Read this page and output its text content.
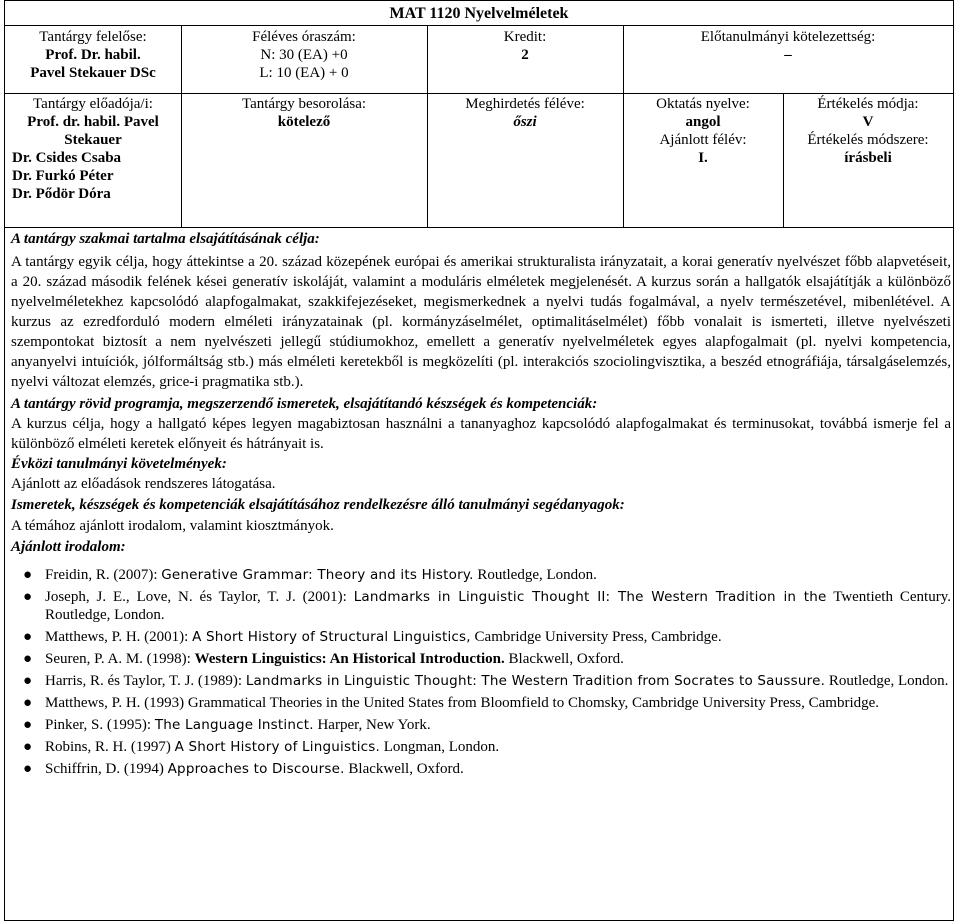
MAT 1120 Nyelvelméletek
Tantárgy felelőse:
Prof. Dr. habil. Pavel Stekauer DSc
Féléves óraszám:
N: 30 (EA) +0
L: 10 (EA) + 0
Kredit:
2
Előtanulmányi kötelezettség:
–
Tantárgy előadója/i:
Prof. dr. habil. Pavel Stekauer
Dr. Csides Csaba
Dr. Furkó Péter
Dr. Pődör Dóra
Tantárgy besorolása:
kötelező
Meghirdetés féléve:
őszi
Oktatás nyelve:
angol
Ajánlott félév:
I.
Értékelés módja:
V
Értékelés módszere:
írásbeli
A tantárgy szakmai tartalma elsajátításának célja:
A tantárgy egyik célja, hogy áttekintse a 20. század közepének európai és amerikai strukturalista irányzatait, a korai generatív nyelvészet főbb alapvetéseit, a 20. század második felének kései generatív iskoláját, valamint a moduláris elméletek megjelenését. A kurzus során a hallgatók elsajátítják a különböző nyelvelméletekhez kapcsolódó alapfogalmakat, szakkifejezéseket, megismerkednek a nyelvi tudás fogalmával, a nyelv természetével, mibenlétével. A kurzus az ezredforduló modern elméleti irányzatainak (pl. kormányzáselmélet, optimalitáselmélet) főbb vonalait is ismerteti, illetve nyelvészeti szempontokat biztosít a nem nyelvészeti jellegű stúdiumokhoz, emellett a generatív nyelvelméletek egyes alapfogalmait (pl. nyelvi kompetencia, anyanyelvi intuíciók, jólformáltság stb.) más elméleti keretekből is megközelíti (pl. interakciós szociolingvisztika, a beszéd etnográfiája, társalgáselemzés, nyelvi változat elemzés, grice-i pragmatika stb.).
A tantárgy rövid programja, megszerzendő ismeretek, elsajátítandó készségek és kompetenciák:
A kurzus célja, hogy a hallgató képes legyen magabiztosan használni a tananyaghoz kapcsolódó alapfogalmakat és terminusokat, továbbá ismerje fel a különböző elméleti keretek előnyeit és hátrányait is.
Évközi tanulmányi követelmények:
Ajánlott az előadások rendszeres látogatása.
Ismeretek, készségek és kompetenciák elsajátításához rendelkezésre álló tanulmányi segédanyagok:
A témához ajánlott irodalom, valamint kiosztmányok.
Ajánlott irodalom:
● Freidin, R. (2007): Generative Grammar: Theory and its History. Routledge, London.
● Joseph, J. E., Love, N. és Taylor, T. J. (2001): Landmarks in Linguistic Thought II: The Western Tradition in the Twentieth Century. Routledge, London.
● Matthews, P. H. (2001): A Short History of Structural Linguistics, Cambridge University Press, Cambridge.
● Seuren, P. A. M. (1998): Western Linguistics: An Historical Introduction. Blackwell, Oxford.
● Harris, R. és Taylor, T. J. (1989): Landmarks in Linguistic Thought: The Western Tradition from Socrates to Saussure. Routledge, London.
● Matthews, P. H. (1993) Grammatical Theories in the United States from Bloomfield to Chomsky, Cambridge University Press, Cambridge.
● Pinker, S. (1995): The Language Instinct. Harper, New York.
● Robins, R. H. (1997) A Short History of Linguistics. Longman, London.
● Schiffrin, D. (1994) Approaches to Discourse. Blackwell, Oxford.
